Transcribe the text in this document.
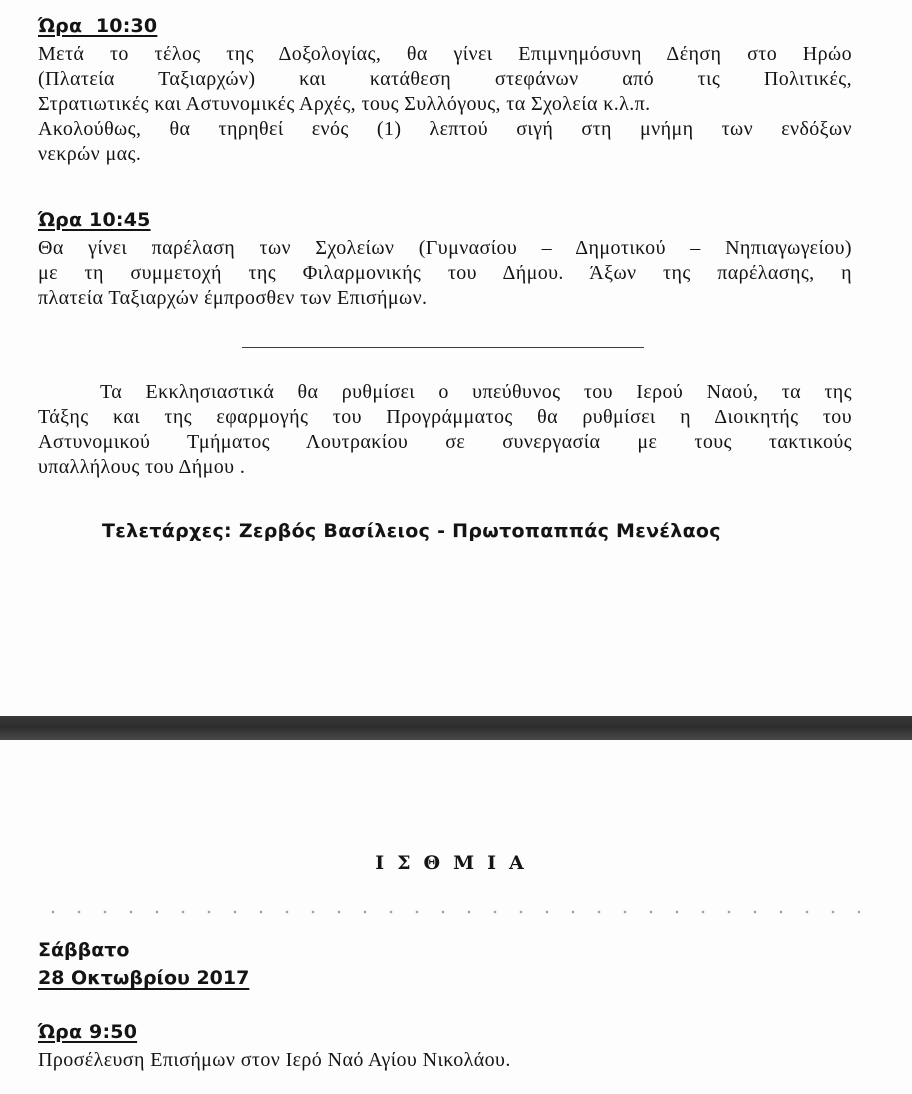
Ώρα  10:30

Μετά το τέλος της Δοξολογίας, θα γίνει Επιμνημόσυνη Δέηση στο Ηρώο
(Πλατεία Ταξιαρχών) και κατάθεση στεφάνων από τις Πολιτικές,
Στρατιωτικές και Αστυνομικές Αρχές, τους Συλλόγους, τα Σχολεία κ.λ.π.
Ακολούθως, θα τηρηθεί ενός (1) λεπτού σιγή στη μνήμη των ενδόξων
νεκρών μας.

Ώρα 10:45

Θα γίνει παρέλαση των Σχολείων (Γυμνασίου – Δημοτικού – Νηπιαγωγείου)
με τη συμμετοχή της Φιλαρμονικής του Δήμου. Άξων της παρέλασης, η
πλατεία Ταξιαρχών έμπροσθεν των Επισήμων.
Τα Εκκλησιαστικά θα ρυθμίσει ο υπεύθυνος του Ιερού Ναού, τα της
Τάξης και της εφαρμογής του Προγράμματος θα ρυθμίσει η Διοικητής του
Αστυνομικού Τμήματος Λουτρακίου σε συνεργασία με τους τακτικούς
υπαλλήλους του Δήμου .

Τελετάρχες: Ζερβός Βασίλειος - Πρωτοπαππάς Μενέλαος

ΙΣΘΜΙΑ

Σάββατο
28 Οκτωβρίου 2017

Ώρα 9:50

Προσέλευση Επισήμων στον Ιερό Ναό Αγίου Νικολάου.
